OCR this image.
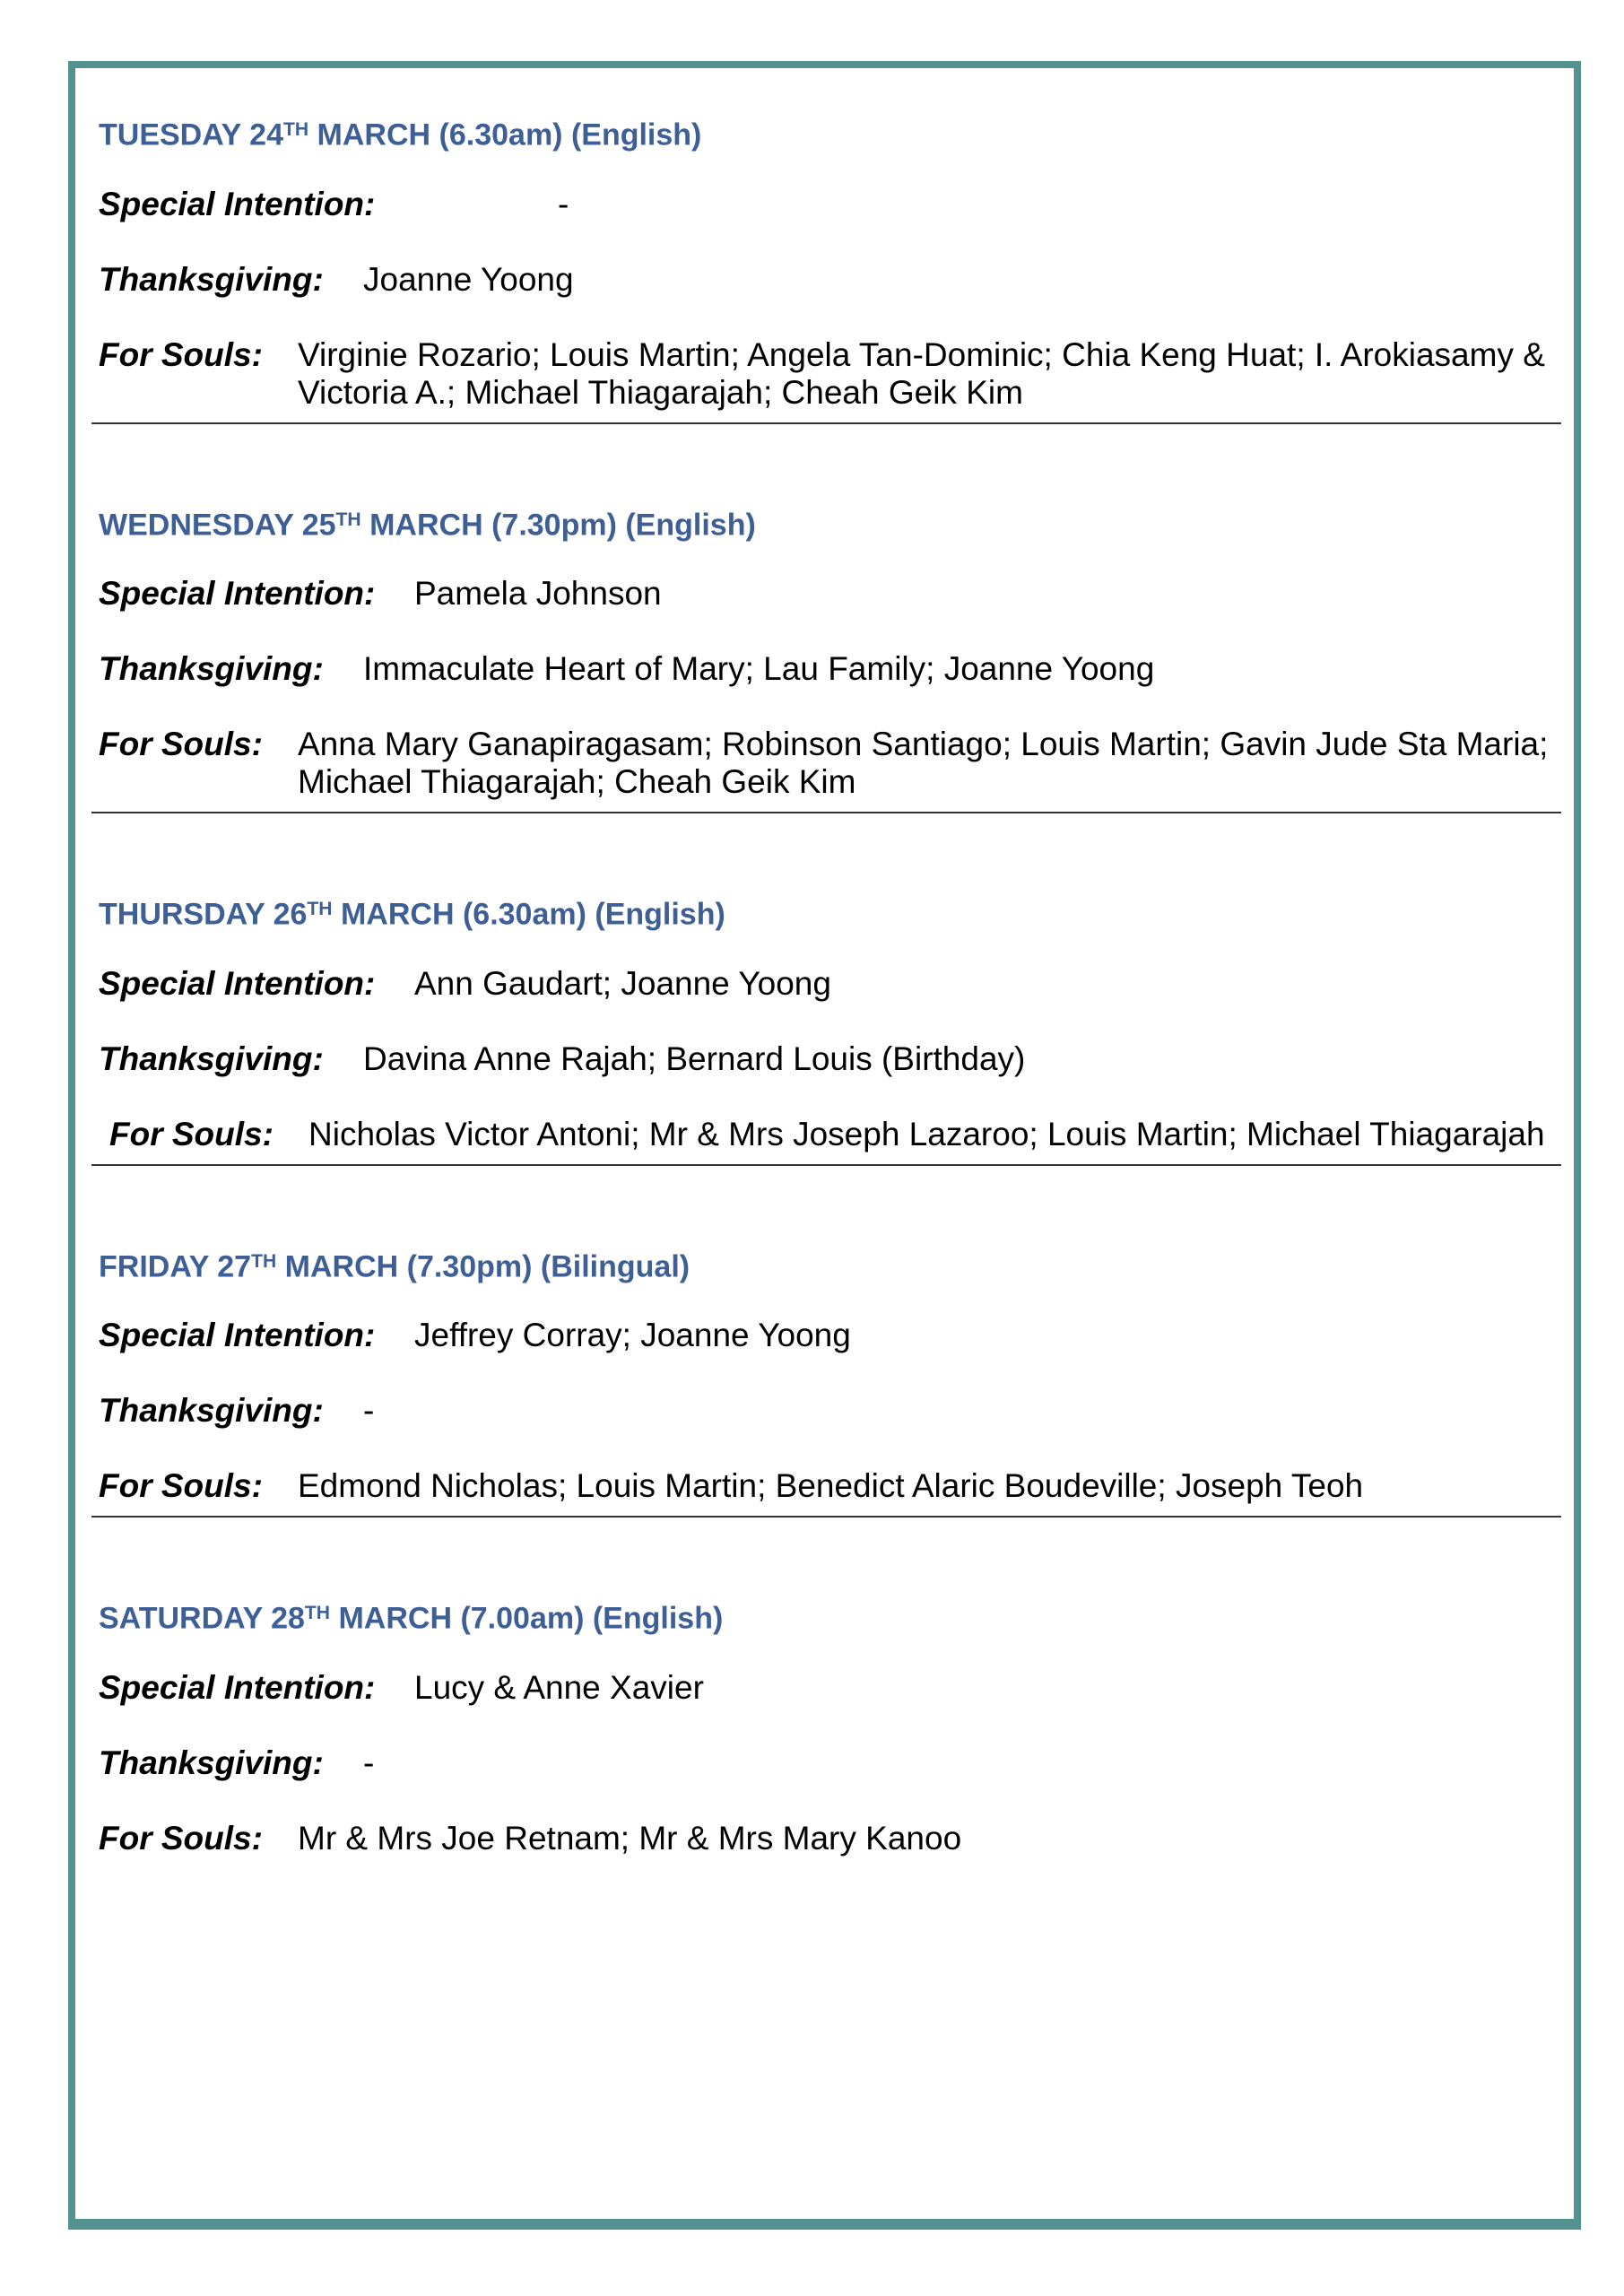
TUESDAY 24TH MARCH (6.30am) (English)
Special Intention:	-
Thanksgiving:	Joanne Yoong
For Souls:	Virginie Rozario; Louis Martin; Angela Tan-Dominic; Chia Keng Huat; I. Arokiasamy & Victoria A.; Michael Thiagarajah; Cheah Geik Kim
WEDNESDAY 25TH MARCH (7.30pm) (English)
Special Intention:	Pamela Johnson
Thanksgiving:	Immaculate Heart of Mary; Lau Family; Joanne Yoong
For Souls:	Anna Mary Ganapiragasam; Robinson Santiago; Louis Martin; Gavin Jude Sta Maria; Michael Thiagarajah; Cheah Geik Kim
THURSDAY 26TH MARCH (6.30am) (English)
Special Intention:	Ann Gaudart; Joanne Yoong
Thanksgiving:	Davina Anne Rajah; Bernard Louis (Birthday)
For Souls:	Nicholas Victor Antoni; Mr & Mrs Joseph Lazaroo; Louis Martin; Michael Thiagarajah
FRIDAY 27TH MARCH (7.30pm) (Bilingual)
Special Intention:	Jeffrey Corray; Joanne Yoong
Thanksgiving:	-
For Souls:	Edmond Nicholas; Louis Martin; Benedict Alaric Boudeville; Joseph Teoh
SATURDAY 28TH MARCH (7.00am) (English)
Special Intention:	Lucy & Anne Xavier
Thanksgiving:	-
For Souls:	Mr & Mrs Joe Retnam; Mr & Mrs Mary Kanoo
